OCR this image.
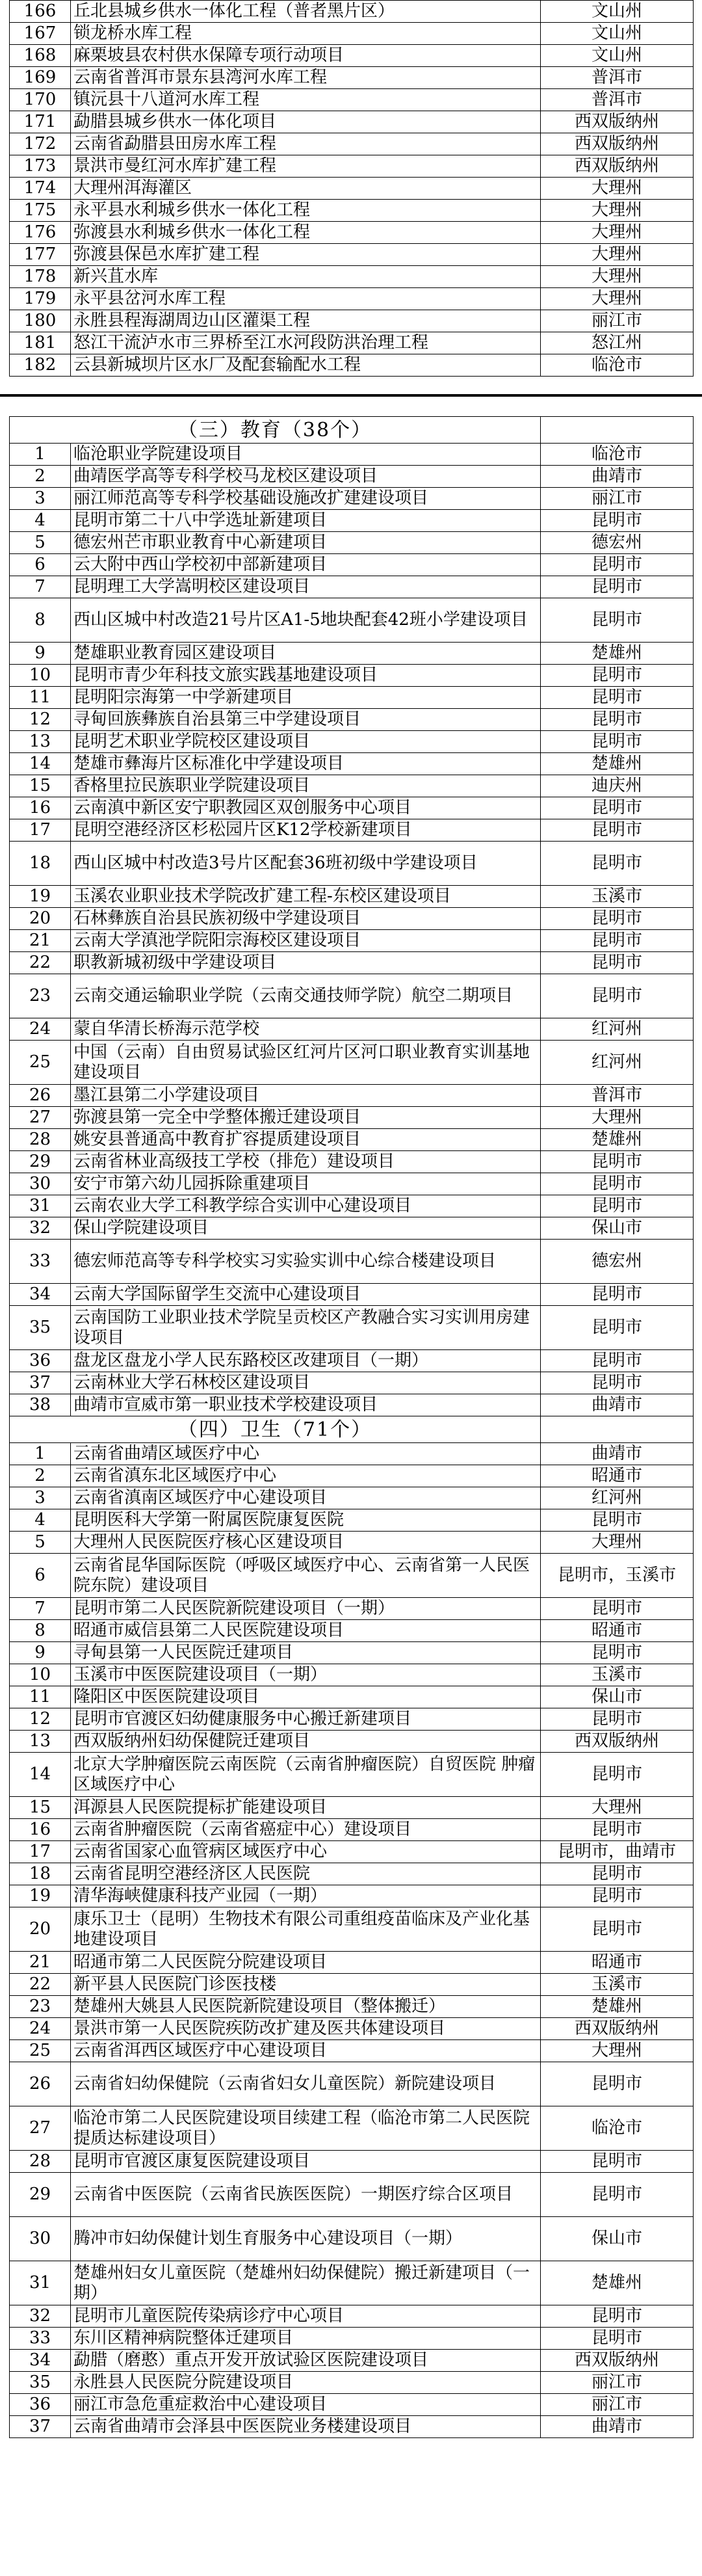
166	丘北县城乡供水一体化工程（普者黑片区）	文山州
167	锁龙桥水库工程	文山州
168	麻栗坡县农村供水保障专项行动项目	文山州
169	云南省普洱市景东县湾河水库工程	普洱市
170	镇沅县十八道河水库工程	普洱市
171	勐腊县城乡供水一体化项目	西双版纳州
172	云南省勐腊县田房水库工程	西双版纳州
173	景洪市曼红河水库扩建工程	西双版纳州
174	大理州洱海灌区	大理州
175	永平县水利城乡供水一体化工程	大理州
176	弥渡县水利城乡供水一体化工程	大理州
177	弥渡县保邑水库扩建工程	大理州
178	新兴苴水库	大理州
179	永平县岔河水库工程	大理州
180	永胜县程海湖周边山区灌渠工程	丽江市
181	怒江干流泸水市三界桥至江水河段防洪治理工程	怒江州
182	云县新城坝片区水厂及配套输配水工程	临沧市
（三）教育（38个）		
1	临沧职业学院建设项目	临沧市
2	曲靖医学高等专科学校马龙校区建设项目	曲靖市
3	丽江师范高等专科学校基础设施改扩建建设项目	丽江市
4	昆明市第二十八中学选址新建项目	昆明市
5	德宏州芒市职业教育中心新建项目	德宏州
6	云大附中西山学校初中部新建项目	昆明市
7	昆明理工大学嵩明校区建设项目	昆明市
8	西山区城中村改造21号片区A1-5地块配套42班小学建设项目	昆明市
9	楚雄职业教育园区建设项目	楚雄州
10	昆明市青少年科技文旅实践基地建设项目	昆明市
11	昆明阳宗海第一中学新建项目	昆明市
12	寻甸回族彝族自治县第三中学建设项目	昆明市
13	昆明艺术职业学院校区建设项目	昆明市
14	楚雄市彝海片区标准化中学建设项目	楚雄州
15	香格里拉民族职业学院建设项目	迪庆州
16	云南滇中新区安宁职教园区双创服务中心项目	昆明市
17	昆明空港经济区杉松园片区K12学校新建项目	昆明市
18	西山区城中村改造3号片区配套36班初级中学建设项目	昆明市
19	玉溪农业职业技术学院改扩建工程-东校区建设项目	玉溪市
20	石林彝族自治县民族初级中学建设项目	昆明市
21	云南大学滇池学院阳宗海校区建设项目	昆明市
22	职教新城初级中学建设项目	昆明市
23	云南交通运输职业学院（云南交通技师学院）航空二期项目	昆明市
24	蒙自华清长桥海示范学校	红河州
25	中国（云南）自由贸易试验区红河片区河口职业教育实训基地建设项目	红河州
26	墨江县第二小学建设项目	普洱市
27	弥渡县第一完全中学整体搬迁建设项目	大理州
28	姚安县普通高中教育扩容提质建设项目	楚雄州
29	云南省林业高级技工学校（排危）建设项目	昆明市
30	安宁市第六幼儿园拆除重建项目	昆明市
31	云南农业大学工科教学综合实训中心建设项目	昆明市
32	保山学院建设项目	保山市
33	德宏师范高等专科学校实习实验实训中心综合楼建设项目	德宏州
34	云南大学国际留学生交流中心建设项目	昆明市
35	云南国防工业职业技术学院呈贡校区产教融合实习实训用房建设项目	昆明市
36	盘龙区盘龙小学人民东路校区改建项目（一期）	昆明市
37	云南林业大学石林校区建设项目	昆明市
38	曲靖市宣威市第一职业技术学校建设项目	曲靖市
（四）卫生（71个）		
1	云南省曲靖区域医疗中心	曲靖市
2	云南省滇东北区域医疗中心	昭通市
3	云南省滇南区域医疗中心建设项目	红河州
4	昆明医科大学第一附属医院康复医院	昆明市
5	大理州人民医院医疗核心区建设项目	大理州
6	云南省昆华国际医院（呼吸区域医疗中心、云南省第一人民医院东院）建设项目	昆明市，玉溪市
7	昆明市第二人民医院新院建设项目（一期）	昆明市
8	昭通市威信县第二人民医院建设项目	昭通市
9	寻甸县第一人民医院迁建项目	昆明市
10	玉溪市中医医院建设项目（一期）	玉溪市
11	隆阳区中医医院建设项目	保山市
12	昆明市官渡区妇幼健康服务中心搬迁新建项目	昆明市
13	西双版纳州妇幼保健院迁建项目	西双版纳州
14	北京大学肿瘤医院云南医院（云南省肿瘤医院）自贸医院 肿瘤区域医疗中心	昆明市
15	洱源县人民医院提标扩能建设项目	大理州
16	云南省肿瘤医院（云南省癌症中心）建设项目	昆明市
17	云南省国家心血管病区域医疗中心	昆明市，曲靖市
18	云南省昆明空港经济区人民医院	昆明市
19	清华海峡健康科技产业园（一期）	昆明市
20	康乐卫士（昆明）生物技术有限公司重组疫苗临床及产业化基地建设项目	昆明市
21	昭通市第二人民医院分院建设项目	昭通市
22	新平县人民医院门诊医技楼	玉溪市
23	楚雄州大姚县人民医院新院建设项目（整体搬迁）	楚雄州
24	景洪市第一人民医院疾防改扩建及医共体建设项目	西双版纳州
25	云南省洱西区域医疗中心建设项目	大理州
26	云南省妇幼保健院（云南省妇女儿童医院）新院建设项目	昆明市
27	临沧市第二人民医院建设项目续建工程（临沧市第二人民医院提质达标建设项目）	临沧市
28	昆明市官渡区康复医院建设项目	昆明市
29	云南省中医医院（云南省民族医医院）一期医疗综合区项目	昆明市
30	腾冲市妇幼保健计划生育服务中心建设项目（一期）	保山市
31	楚雄州妇女儿童医院（楚雄州妇幼保健院）搬迁新建项目（一期）	楚雄州
32	昆明市儿童医院传染病诊疗中心项目	昆明市
33	东川区精神病院整体迁建项目	昆明市
34	勐腊（磨憨）重点开发开放试验区医院建设项目	西双版纳州
35	永胜县人民医院分院建设项目	丽江市
36	丽江市急危重症救治中心建设项目	丽江市
37	云南省曲靖市会泽县中医医院业务楼建设项目	曲靖市
